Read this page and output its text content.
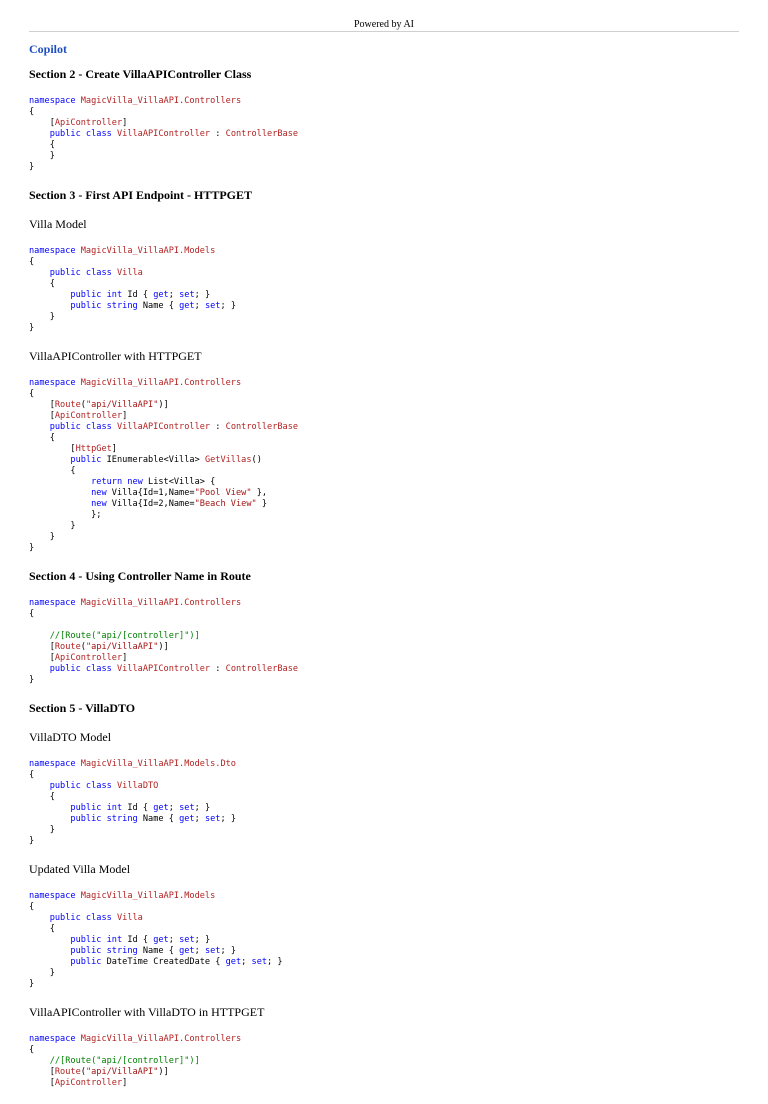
Powered by AI
Copilot
Section 2 - Create VillaAPIController Class
namespace MagicVilla_VillaAPI.Controllers
{
[ApiController]
public class VillaAPIController : ControllerBase
{
}
}
Section 3 - First API Endpoint - HTTPGET
Villa Model
namespace MagicVilla_VillaAPI.Models
{
public class Villa
{
public int Id { get; set; }
public string Name { get; set; }
}
}
VillaAPIController with HTTPGET
namespace MagicVilla_VillaAPI.Controllers
{
[Route("api/VillaAPI")]
[ApiController]
public class VillaAPIController : ControllerBase
{
[HttpGet]
public IEnumerable<Villa> GetVillas()
{
return new List<Villa> {
new Villa{Id=1,Name="Pool View" },
new Villa{Id=2,Name="Beach View" }
};
}
}
}
Section 4 - Using Controller Name in Route
namespace MagicVilla_VillaAPI.Controllers
{
//[Route("api/[controller]")]
[Route("api/VillaAPI")]
[ApiController]
public class VillaAPIController : ControllerBase
}
Section 5 - VillaDTO
VillaDTO Model
namespace MagicVilla_VillaAPI.Models.Dto
{
public class VillaDTO
{
public int Id { get; set; }
public string Name { get; set; }
}
}
Updated Villa Model
namespace MagicVilla_VillaAPI.Models
{
public class Villa
{
public int Id { get; set; }
public string Name { get; set; }
public DateTime CreatedDate { get; set; }
}
}
VillaAPIController with VillaDTO in HTTPGET
namespace MagicVilla_VillaAPI.Controllers
{
//[Route("api/[controller]")]
[Route("api/VillaAPI")]
[ApiController]
